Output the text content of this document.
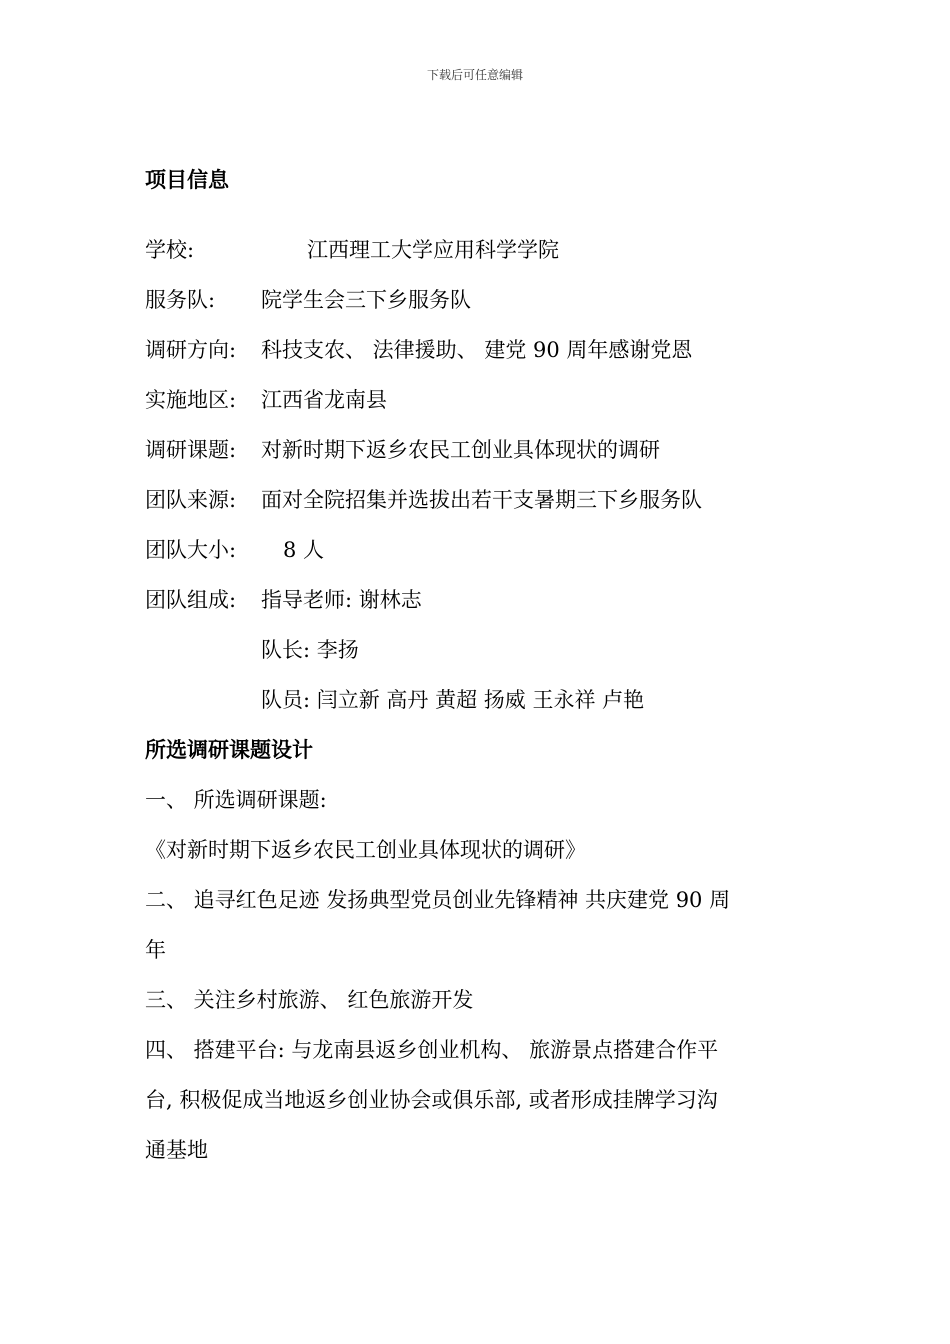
下载后可任意编辑
项目信息
学校:	江西理工大学应用科学学院
服务队: 院学生会三下乡服务队
调研方向: 科技支农、 法律援助、 建党 90 周年感谢党恩
实施地区: 江西省龙南县
调研课题: 对新时期下返乡农民工创业具体现状的调研
团队来源: 面对全院招集并选拔出若干支暑期三下乡服务队
团队大小: 8 人
团队组成: 指导老师: 谢林志
队长: 李扬
队员: 闫立新 高丹 黄超 扬威 王永祥 卢艳
所选调研课题设计
一、 所选调研课题:
《对新时期下返乡农民工创业具体现状的调研》
二、 追寻红色足迹 发扬典型党员创业先锋精神 共庆建党 90 周
年
三、 关注乡村旅游、 红色旅游开发
四、 搭建平台: 与龙南县返乡创业机构、 旅游景点搭建合作平
台, 积极促成当地返乡创业协会或俱乐部, 或者形成挂牌学习沟
通基地
